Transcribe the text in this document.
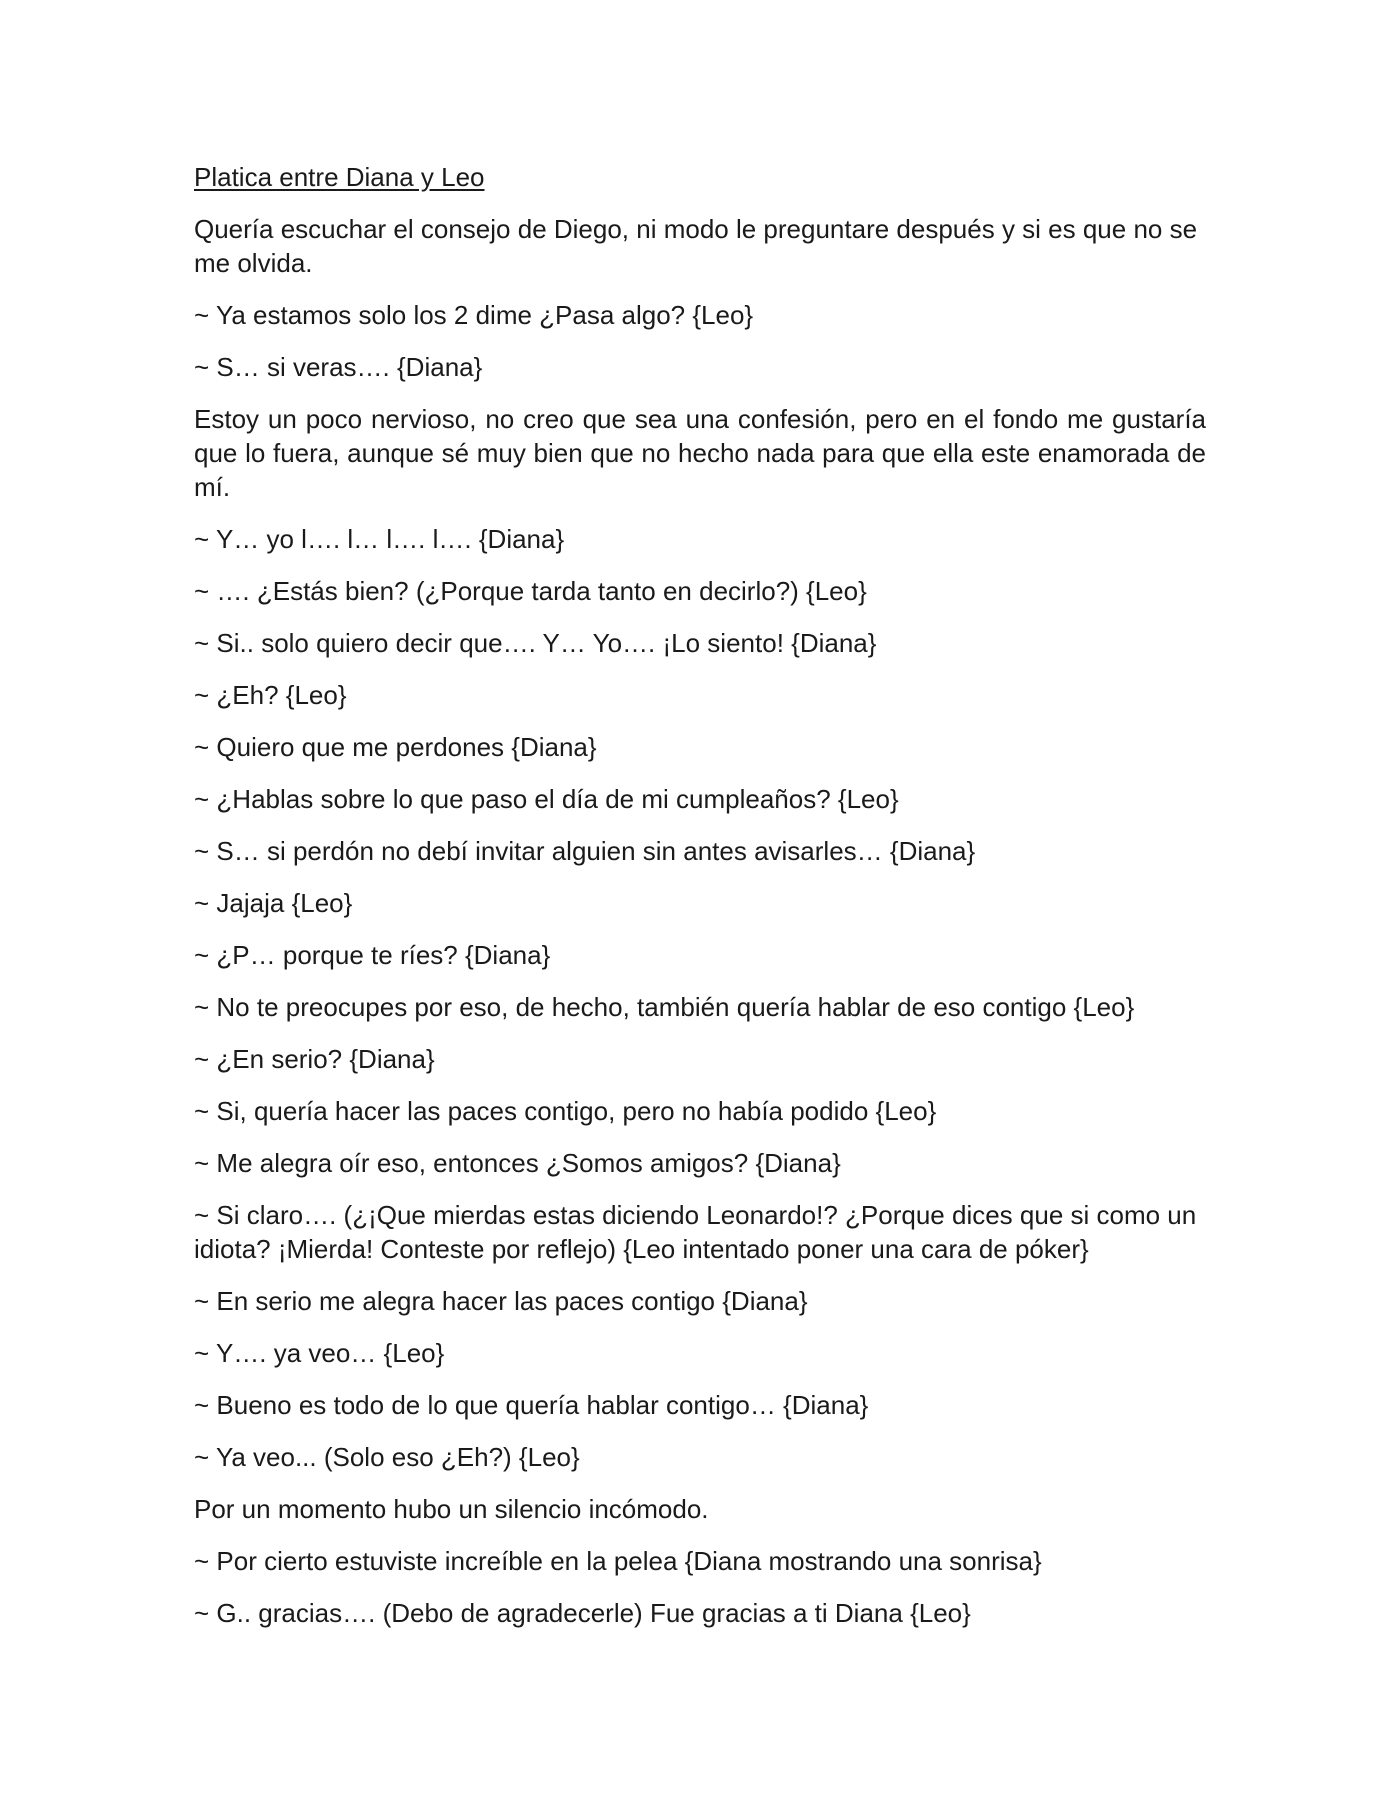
Platica entre Diana y Leo

Quería escuchar el consejo de Diego, ni modo le preguntare después y si es que no se me olvida.

~ Ya estamos solo los 2 dime ¿Pasa algo? {Leo}

~ S… si veras…. {Diana}

Estoy un poco nervioso, no creo que sea una confesión, pero en el fondo me gustaría que lo fuera, aunque sé muy bien que no hecho nada para que ella este enamorada de mí.

~ Y… yo l…. l… l…. l…. {Diana}

~ …. ¿Estás bien? (¿Porque tarda tanto en decirlo?) {Leo}

~ Si.. solo quiero decir que…. Y… Yo…. ¡Lo siento! {Diana}

~ ¿Eh? {Leo}

~ Quiero que me perdones {Diana}

~ ¿Hablas sobre lo que paso el día de mi cumpleaños? {Leo}

~ S… si perdón no debí invitar alguien sin antes avisarles… {Diana}

~ Jajaja {Leo}

~ ¿P… porque te ríes? {Diana}

~ No te preocupes por eso, de hecho, también quería hablar de eso contigo {Leo}

~ ¿En serio? {Diana}

~ Si, quería hacer las paces contigo, pero no había podido {Leo}

~ Me alegra oír eso, entonces ¿Somos amigos? {Diana}

~ Si claro…. (¿¡Que mierdas estas diciendo Leonardo!? ¿Porque dices que si como un idiota? ¡Mierda! Conteste por reflejo) {Leo intentado poner una cara de póker}

~ En serio me alegra hacer las paces contigo {Diana}

~ Y…. ya veo… {Leo}

~ Bueno es todo de lo que quería hablar contigo… {Diana}

~ Ya veo... (Solo eso ¿Eh?) {Leo}

Por un momento hubo un silencio incómodo.

~ Por cierto estuviste increíble en la pelea {Diana mostrando una sonrisa}

~ G.. gracias…. (Debo de agradecerle) Fue gracias a ti Diana {Leo}
